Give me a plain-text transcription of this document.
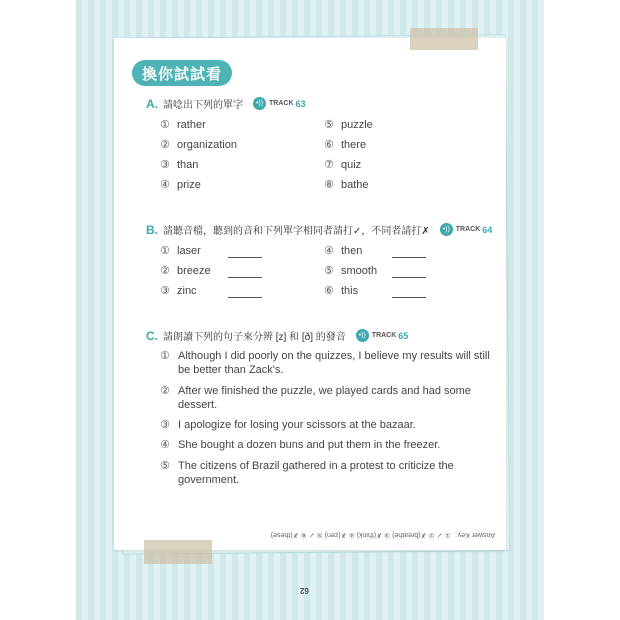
換你試試看
A. 請唸出下列的單字	•)) TRACK 63
① rather
② organization
③ than
④ prize
⑤ puzzle
⑥ there
⑦ quiz
⑧ bathe
B. 請聽音檔，聽到的音和下列單字相同者請打✓，不同者請打✗	•)) TRACK 64
① laser
② breeze
③ zinc
④ then
⑤ smooth
⑥ this
C. 請朗讀下列的句子來分辨 [z] 和 [ð] 的發音	•)) TRACK 65
① Although I did poorly on the quizzes, I believe my results will still be better than Zack's.
② After we finished the puzzle, we played cards and had some dessert.
③ I apologize for losing your scissors at the bazaar.
④ She bought a dozen buns and put them in the freezer.
⑤ The citizens of Brazil gathered in a protest to criticize the government.
Answer Key：① ✓ ② ✗(breathe) ③ ✗(think) ④ ✗(zen) ⑤ ✓ ⑥ ✗(these)
62
